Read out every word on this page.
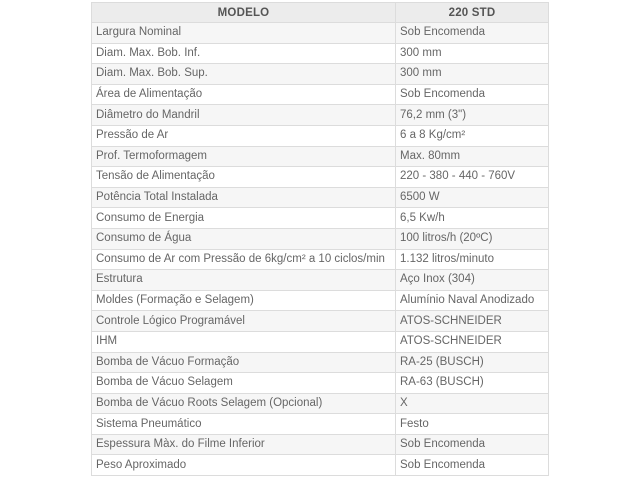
MODELO	220 STD
Largura Nominal	Sob Encomenda
Diam. Max. Bob. Inf.	300 mm
Diam. Max. Bob. Sup.	300 mm
Área de Alimentação	Sob Encomenda
Diâmetro do Mandril	76,2 mm (3")
Pressão de Ar	6 a 8 Kg/cm²
Prof. Termoformagem	Max. 80mm
Tensão de Alimentação	220 - 380 - 440 - 760V
Potência Total Instalada	6500 W
Consumo de Energia	6,5 Kw/h
Consumo de Água	100 litros/h (20ºC)
Consumo de Ar com Pressão de 6kg/cm² a 10 ciclos/min	1.132 litros/minuto
Estrutura	Aço Inox (304)
Moldes (Formação e Selagem)	Alumínio Naval Anodizado
Controle Lógico Programável	ATOS-SCHNEIDER
IHM	ATOS-SCHNEIDER
Bomba de Vácuo Formação	RA-25 (BUSCH)
Bomba de Vácuo Selagem	RA-63 (BUSCH)
Bomba de Vácuo Roots Selagem (Opcional)	X
Sistema Pneumático	Festo
Espessura Màx. do Filme Inferior	Sob Encomenda
Peso Aproximado	Sob Encomenda
